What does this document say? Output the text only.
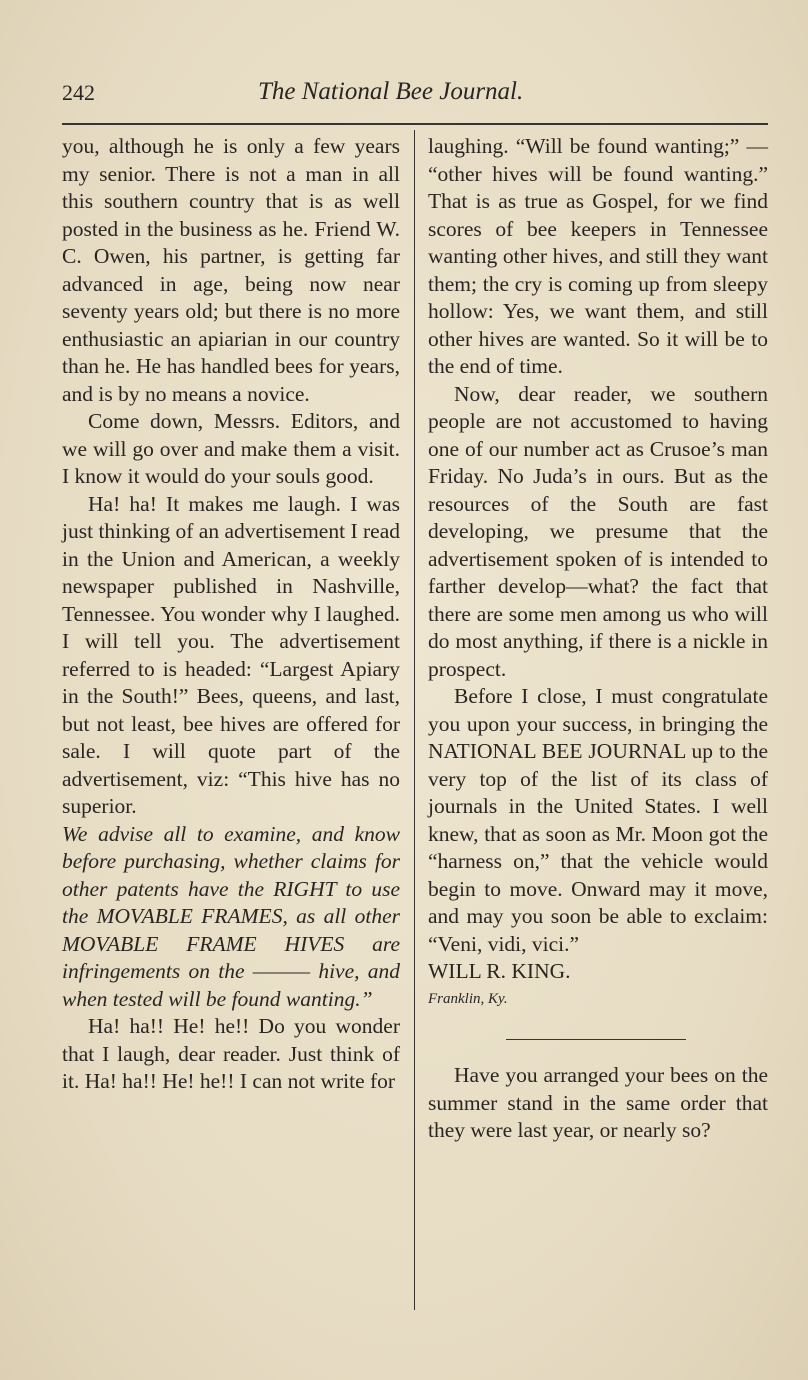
242	The National Bee Journal.

you, although he is only a few years my senior. There is not a man in all this southern country that is as well posted in the business as he. Friend W. C. Owen, his partner, is getting far advanced in age, being now near seventy years old; but there is no more enthusiastic an apiarian in our country than he. He has handled bees for years, and is by no means a novice.

Come down, Messrs. Editors, and we will go over and make them a visit. I know it would do your souls good.

Ha! ha! It makes me laugh. I was just thinking of an advertisement I read in the Union and American, a weekly newspaper published in Nashville, Tennessee. You wonder why I laughed. I will tell you. The advertisement referred to is headed: “Largest Apiary in the South!” Bees, queens, and last, but not least, bee hives are offered for sale. I will quote part of the advertisement, viz: “This hive has no superior.

We advise all to examine, and know before purchasing, whether claims for other patents have the RIGHT to use the MOVABLE FRAMES, as all other MOVABLE FRAME HIVES are infringements on the ——— hive, and when tested will be found wanting.”

Ha! ha!! He! he!! Do you wonder that I laugh, dear reader. Just think of it. Ha! ha!! He! he!! I can not write for

laughing. “Will be found wanting;” — “other hives will be found wanting.” That is as true as Gospel, for we find scores of bee keepers in Tennessee wanting other hives, and still they want them; the cry is coming up from sleepy hollow: Yes, we want them, and still other hives are wanted. So it will be to the end of time.

Now, dear reader, we southern people are not accustomed to having one of our number act as Crusoe’s man Friday. No Juda’s in ours. But as the resources of the South are fast developing, we presume that the advertisement spoken of is intended to farther develop—what? the fact that there are some men among us who will do most anything, if there is a nickle in prospect.

Before I close, I must congratulate you upon your success, in bringing the NATIONAL BEE JOURNAL up to the very top of the list of its class of journals in the United States. I well knew, that as soon as Mr. Moon got the “harness on,” that the vehicle would begin to move. Onward may it move, and may you soon be able to exclaim: “Veni, vidi, vici.”

WILL R. KING.

Franklin, Ky.

Have you arranged your bees on the summer stand in the same order that they were last year, or nearly so?
